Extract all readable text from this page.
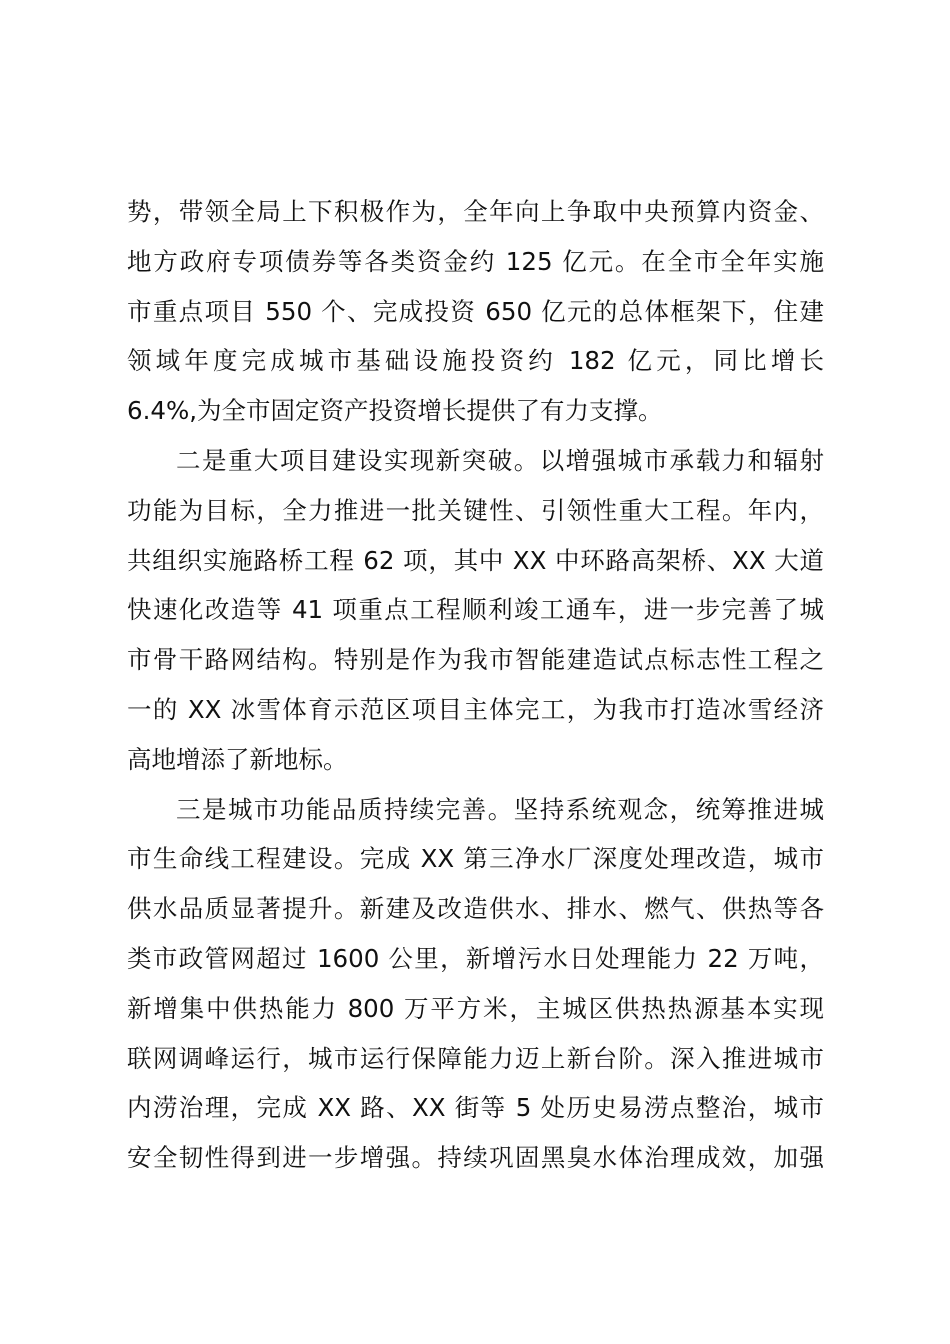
势，带领全局上下积极作为，全年向上争取中央预算内资金、
地方政府专项债券等各类资金约 125 亿元。在全市全年实施
市重点项目 550 个、完成投资 650 亿元的总体框架下，住建
领域年度完成城市基础设施投资约 182 亿元，同比增长
6.4%,为全市固定资产投资增长提供了有力支撑。
二是重大项目建设实现新突破。以增强城市承载力和辐射
功能为目标，全力推进一批关键性、引领性重大工程。年内，
共组织实施路桥工程 62 项，其中 XX 中环路高架桥、XX 大道
快速化改造等 41 项重点工程顺利竣工通车，进一步完善了城
市骨干路网结构。特别是作为我市智能建造试点标志性工程之
一的 XX 冰雪体育示范区项目主体完工，为我市打造冰雪经济
高地增添了新地标。
三是城市功能品质持续完善。坚持系统观念，统筹推进城
市生命线工程建设。完成 XX 第三净水厂深度处理改造，城市
供水品质显著提升。新建及改造供水、排水、燃气、供热等各
类市政管网超过 1600 公里，新增污水日处理能力 22 万吨，
新增集中供热能力 800 万平方米，主城区供热热源基本实现
联网调峰运行，城市运行保障能力迈上新台阶。深入推进城市
内涝治理，完成 XX 路、XX 街等 5 处历史易涝点整治，城市
安全韧性得到进一步增强。持续巩固黑臭水体治理成效，加强
